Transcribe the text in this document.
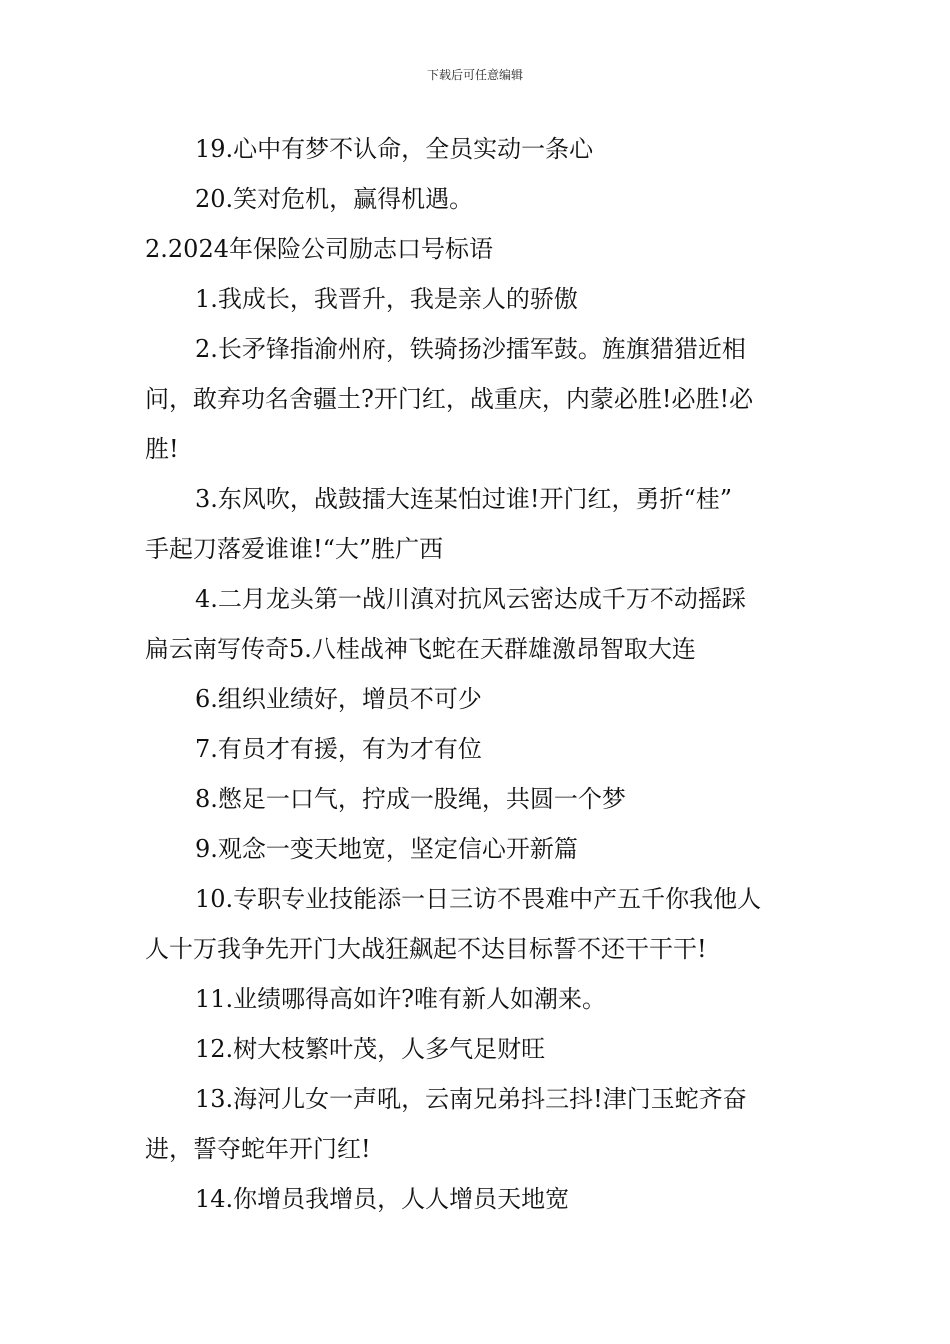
下载后可任意编辑
19.心中有梦不认命，全员实动一条心
20.笑对危机，赢得机遇。
2.2024年保险公司励志口号标语
1.我成长，我晋升，我是亲人的骄傲
2.长矛锋指渝州府，铁骑扬沙擂军鼓。旌旗猎猎近相
问，敢弃功名舍疆土?开门红，战重庆，内蒙必胜!必胜!必
胜!
3.东风吹，战鼓擂大连某怕过谁!开门红，勇折“桂”
手起刀落爱谁谁!“大”胜广西
4.二月龙头第一战川滇对抗风云密达成千万不动摇踩
扁云南写传奇5.八桂战神飞蛇在天群雄激昂智取大连
6.组织业绩好，增员不可少
7.有员才有援，有为才有位
8.憋足一口气，拧成一股绳，共圆一个梦
9.观念一变天地宽，坚定信心开新篇
10.专职专业技能添一日三访不畏难中产五千你我他人
人十万我争先开门大战狂飙起不达目标誓不还干干干!
11.业绩哪得高如许?唯有新人如潮来。
12.树大枝繁叶茂，人多气足财旺
13.海河儿女一声吼，云南兄弟抖三抖!津门玉蛇齐奋
进，誓夺蛇年开门红!
14.你增员我增员，人人增员天地宽
